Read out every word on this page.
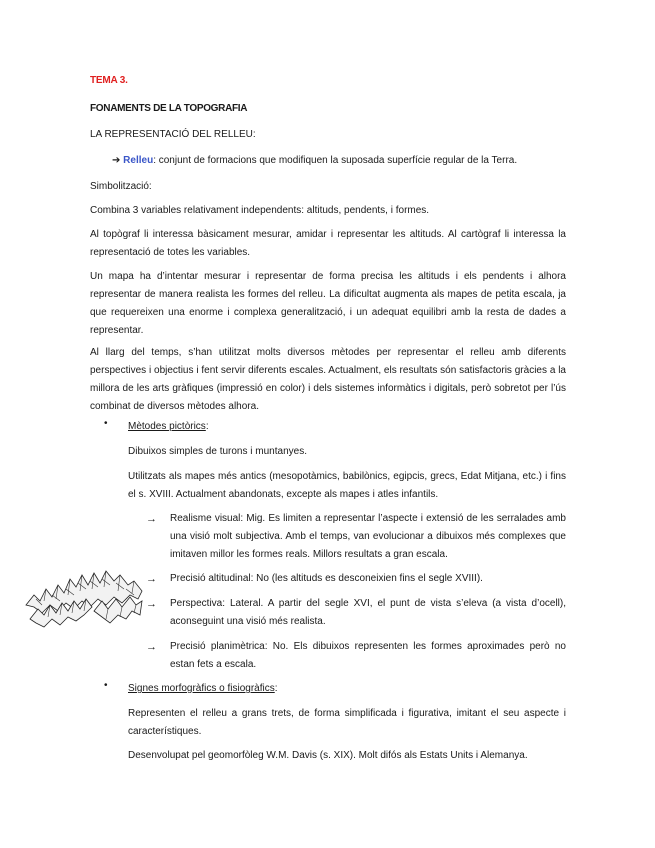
TEMA 3.

FONAMENTS DE LA TOPOGRAFIA

LA REPRESENTACIÓ DEL RELLEU:

➔ Relleu: conjunt de formacions que modifiquen la suposada superfície regular de la Terra.

Simbolització:

Combina 3 variables relativament independents: altituds, pendents, i formes.

Al topògraf li interessa bàsicament mesurar, amidar i representar les altituds. Al cartògraf li interessa la representació de totes les variables.

Un mapa ha d’intentar mesurar i representar de forma precisa les altituds i els pendents i alhora representar de manera realista les formes del relleu. La dificultat augmenta als mapes de petita escala, ja que requereixen una enorme i complexa generalització, i un adequat equilibri amb la resta de dades a representar.

Al llarg del temps, s’han utilitzat molts diversos mètodes per representar el relleu amb diferents perspectives i objectius i fent servir diferents escales. Actualment, els resultats són satisfactoris gràcies a la millora de les arts gràfiques (impressió en color) i dels sistemes informàtics i digitals, però sobretot per l’ús combinat de diversos mètodes alhora.

• Mètodes pictòrics:

Dibuixos simples de turons i muntanyes.

Utilitzats als mapes més antics (mesopotàmics, babilònics, egipcis, grecs, Edat Mitjana, etc.) i fins el s. XVIII. Actualment abandonats, excepte als mapes i atles infantils.

→ Realisme visual: Mig. Es limiten a representar l’aspecte i extensió de les serralades amb una visió molt subjectiva. Amb el temps, van evolucionar a dibuixos més complexes que imitaven millor les formes reals. Millors resultats a gran escala.
→ Precisió altitudinal: No (les altituds es desconeixien fins el segle XVIII).
→ Perspectiva: Lateral. A partir del segle XVI, el punt de vista s’eleva (a vista d’ocell), aconseguint una visió més realista.
→ Precisió planimètrica: No. Els dibuixos representen les formes aproximades però no estan fets a escala.
• Signes morfogràfics o fisiogràfics:

Representen el relleu a grans trets, de forma simplificada i figurativa, imitant el seu aspecte i característiques.

Desenvolupat pel geomorfòleg W.M. Davis (s. XIX). Molt difós als Estats Units i Alemanya.
